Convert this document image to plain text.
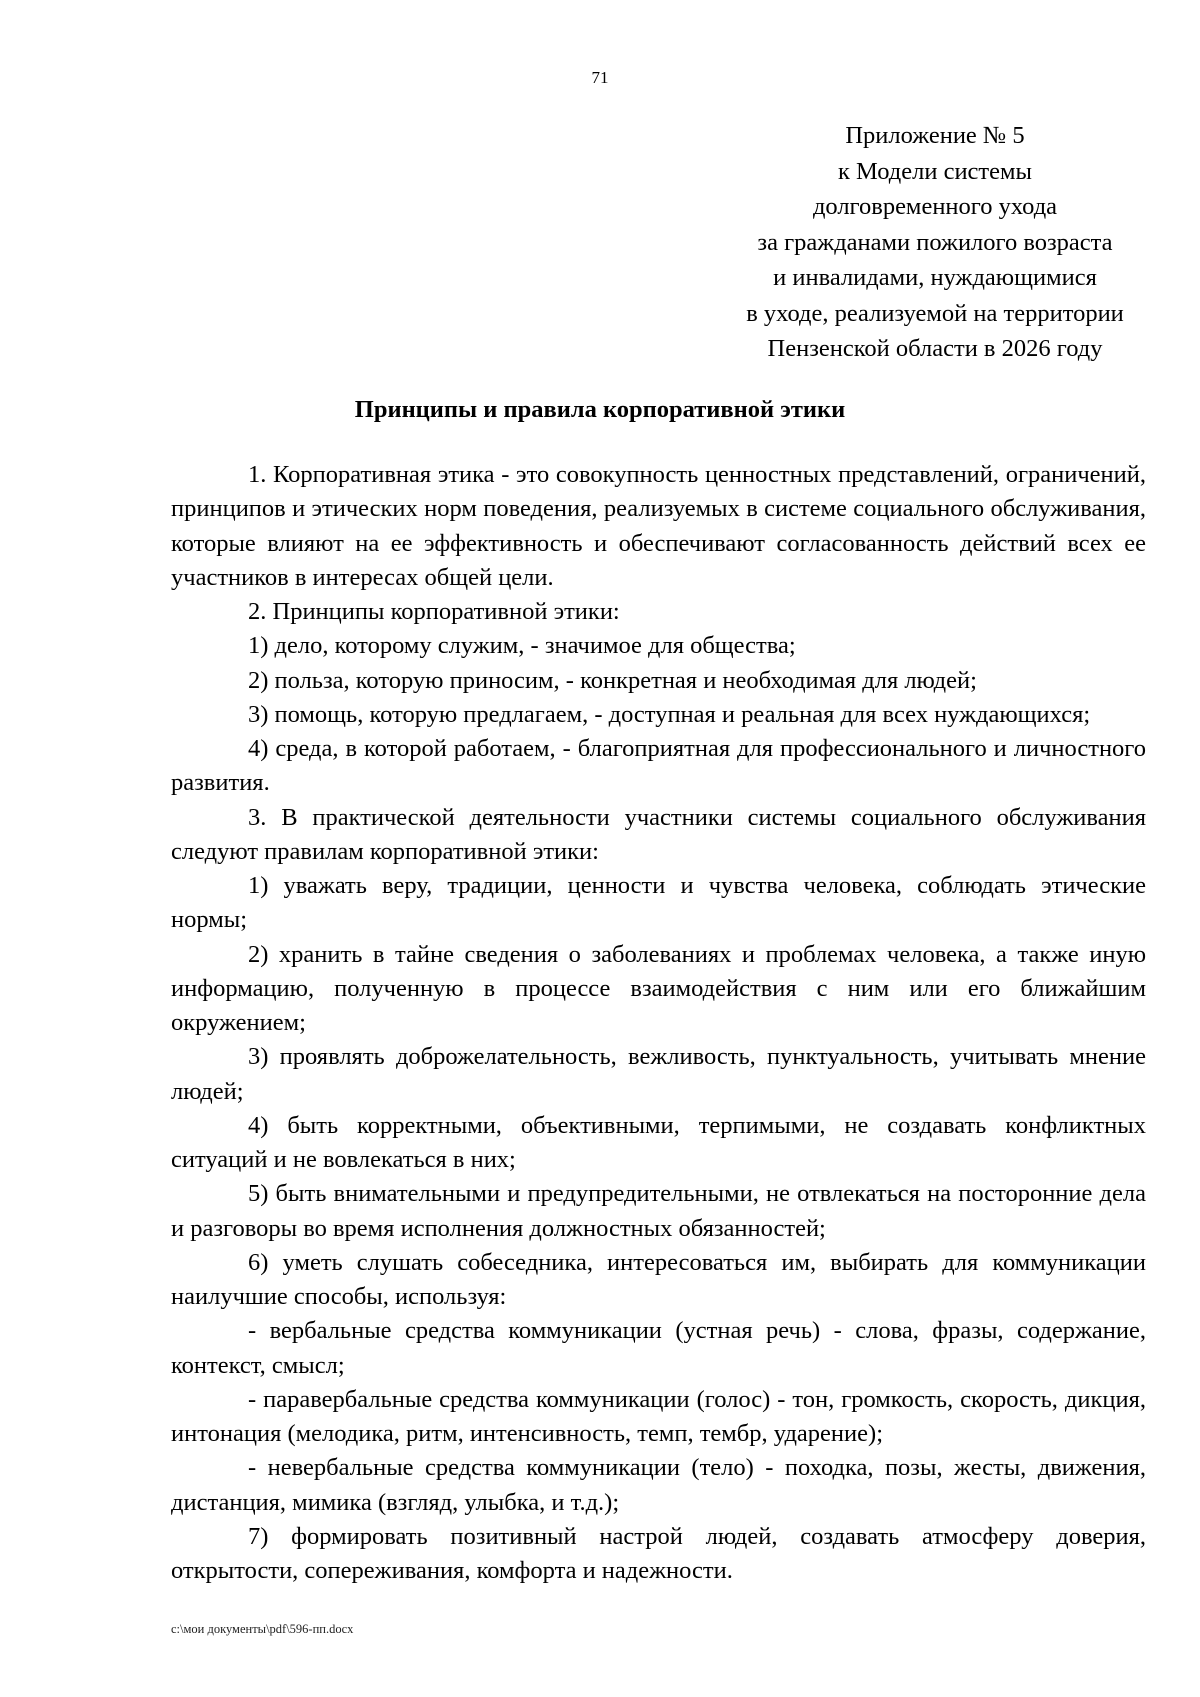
71
Приложение № 5
к Модели системы
долговременного ухода
за гражданами пожилого возраста
и инвалидами, нуждающимися
в уходе, реализуемой на территории
Пензенской области в 2026 году
Принципы и правила корпоративной этики

1. Корпоративная этика - это совокупность ценностных представлений, ограничений, принципов и этических норм поведения, реализуемых в системе социального обслуживания, которые влияют на ее эффективность и обеспечивают согласованность действий всех ее участников в интересах общей цели.

2. Принципы корпоративной этики:

1) дело, которому служим, - значимое для общества;

2) польза, которую приносим, - конкретная и необходимая для людей;

3) помощь, которую предлагаем, - доступная и реальная для всех нуждающихся;

4) среда, в которой работаем, - благоприятная для профессионального и личностного развития.

3. В практической деятельности участники системы социального обслуживания следуют правилам корпоративной этики:

1) уважать веру, традиции, ценности и чувства человека, соблюдать этические нормы;

2) хранить в тайне сведения о заболеваниях и проблемах человека, а также иную информацию, полученную в процессе взаимодействия с ним или его ближайшим окружением;

3) проявлять доброжелательность, вежливость, пунктуальность, учитывать мнение людей;

4) быть корректными, объективными, терпимыми, не создавать конфликтных ситуаций и не вовлекаться в них;

5) быть внимательными и предупредительными, не отвлекаться на посторонние дела и разговоры во время исполнения должностных обязанностей;

6) уметь слушать собеседника, интересоваться им, выбирать для коммуникации наилучшие способы, используя:

- вербальные средства коммуникации (устная речь) - слова, фразы, содержание, контекст, смысл;

- паравербальные средства коммуникации (голос) - тон, громкость, скорость, дикция, интонация (мелодика, ритм, интенсивность, темп, тембр, ударение);

- невербальные средства коммуникации (тело) - походка, позы, жесты, движения, дистанция, мимика (взгляд, улыбка, и т.д.);

7) формировать позитивный настрой людей, создавать атмосферу доверия, открытости, сопереживания, комфорта и надежности.

c:\мои документы\pdf\596-пп.docx
